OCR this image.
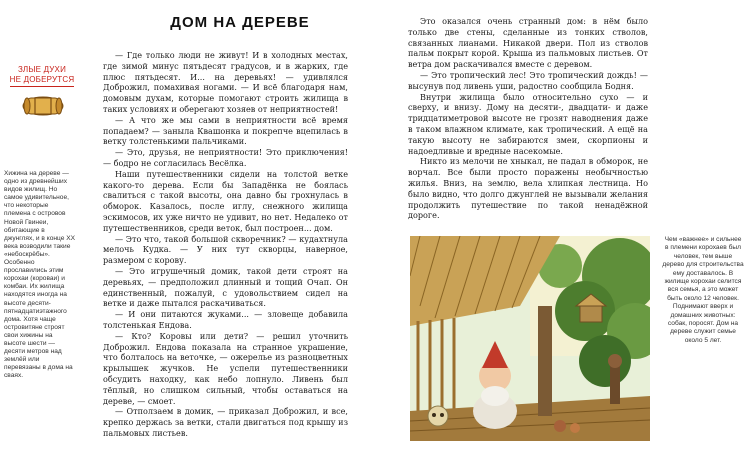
ЗЛЫЕ ДУХИ
НЕ ДОБЕРУТСЯ

Хижина на дереве — одно из древнейших видов жилищ. Но самое удивительное, что некоторые племена с островов Новой Гвинеи, обитающие в джунглях, и в конце XX века возводили такие «небоскрёбы». Особенно прославились этим корохаи (короваи) и комбаи. Их жилища находятся иногда на высоте десяти-пятнадцатиэтажного дома. Хотя чаще островитяне строят свои хижины на высоте шести — десяти метров над землёй или перевязаны в дома на сваях.

ДОМ НА ДЕРЕВЕ

— Где только люди не живут! И в холодных местах, где зимой минус пятьдесят градусов, и в жарких, где плюс пятьдесят. И... на деревьях! — удивлялся Доброжил, помахивая ногами. — И всё благодаря нам, домовым духам, которые помогают строить жилища в таких условиях и оберегают хозяев от неприятностей!

— А что же мы сами в неприятности всё время попадаем? — заныла Квашонка и покрепче вцепилась в ветку толстенькими пальчиками.

— Это, друзья, не неприятности! Это приключения! — бодро не согласилась Весёлка.

Наши путешественники сидели на толстой ветке какого-то дерева. Если бы Западёнка не боялась свалиться с такой высоты, она давно бы грохнулась в обморок. Казалось, после иглу, снежного жилища эскимосов, их уже ничто не удивит, но нет. Недалеко от путешественников, среди веток, был построен... дом.

— Это что, такой большой скворечник? — кудахтнула мелочь Кудка. — У них тут скворцы, наверное, размером с корову.

— Это игрушечный домик, такой дети строят на деревьях, — предположил длинный и тощий Очап. Он единственный, пожалуй, с удовольствием сидел на ветке и даже пытался раскачиваться.

— И они питаются жуками... — зловеще добавила толстенькая Ендова.

— Кто? Коровы или дети? — решил уточнить Доброжил. Ендова показала на странное украшение, что болталось на веточке, — ожерелье из разноцветных крылышек жучков. Не успели путешественники обсудить находку, как небо лопнуло. Ливень был тёплый, но слишком сильный, чтобы оставаться на дереве, — смоет.

— Отползаем в домик, — приказал Доброжил, и все, крепко держась за ветки, стали двигаться под крышу из пальмовых листьев.

Это оказался очень странный дом: в нём было только две стены, сделанные из тонких стволов, связанных лианами. Никакой двери. Пол из стволов пальм покрыт корой. Крыша из пальмовых листьев. От ветра дом раскачивался вместе с деревом.

— Это тропический лес! Это тропический дождь! — высунув под ливень уши, радостно сообщила Бодня.

Внутри жилища было относительно сухо — и сверху, и внизу. Дому на десяти-, двадцати- и даже тридцатиметровой высоте не грозят наводнения даже в таком влажном климате, как тропический. А ещё на такую высоту не забираются змеи, скорпионы и надоедливые и вредные насекомые.

Никто из мелочи не хныкал, не падал в обморок, не ворчал. Все были просто поражены необычностью жилья. Вниз, на землю, вела хлипкая лестница. Но было видно, что долго джунглей не вызывали желания продолжить путешествие по такой ненадёжной дороге.

Чем «важнее» и сильнее в племени корохаев был человек, тем выше дерево для строительства ему доставалось. В жилище корохаи селится вся семья, а это может быть около 12 человек. Поднимают вверх и домашних животных: собак, поросят. Дом на дереве служит семье около 5 лет.
